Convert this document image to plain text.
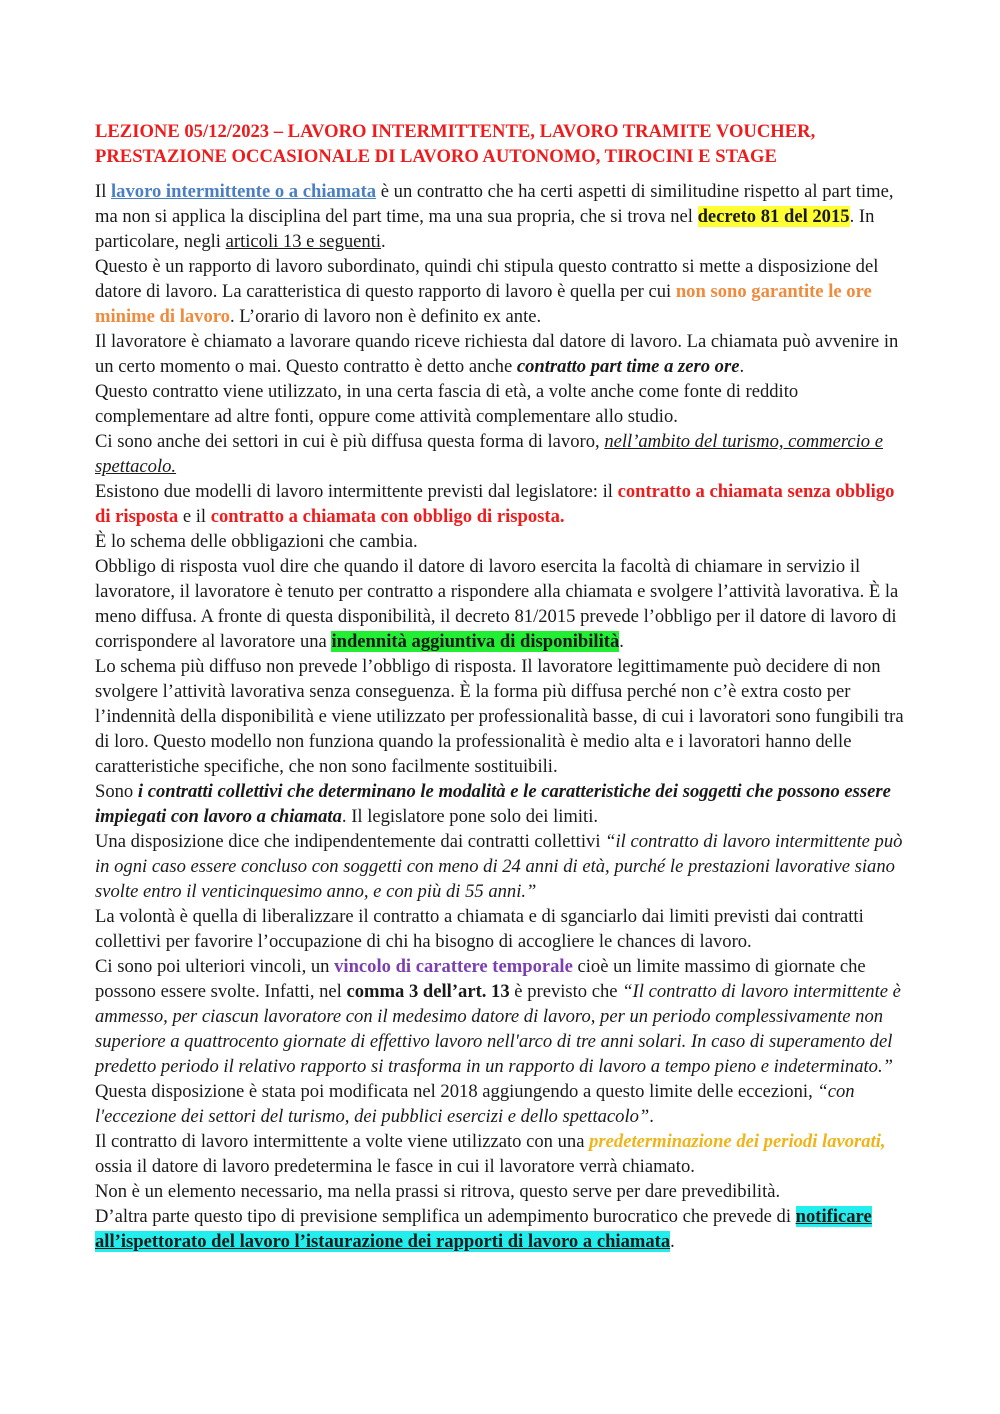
LEZIONE 05/12/2023 – LAVORO INTERMITTENTE, LAVORO TRAMITE VOUCHER, PRESTAZIONE OCCASIONALE DI LAVORO AUTONOMO, TIROCINI E STAGE

Il lavoro intermittente o a chiamata è un contratto che ha certi aspetti di similitudine rispetto al part time, ma non si applica la disciplina del part time, ma una sua propria, che si trova nel decreto 81 del 2015. In particolare, negli articoli 13 e seguenti.

Questo è un rapporto di lavoro subordinato, quindi chi stipula questo contratto si mette a disposizione del datore di lavoro. La caratteristica di questo rapporto di lavoro è quella per cui non sono garantite le ore minime di lavoro. L’orario di lavoro non è definito ex ante.

Il lavoratore è chiamato a lavorare quando riceve richiesta dal datore di lavoro. La chiamata può avvenire in un certo momento o mai. Questo contratto è detto anche contratto part time a zero ore.

Questo contratto viene utilizzato, in una certa fascia di età, a volte anche come fonte di reddito complementare ad altre fonti, oppure come attività complementare allo studio.

Ci sono anche dei settori in cui è più diffusa questa forma di lavoro, nell’ambito del turismo, commercio e spettacolo.

Esistono due modelli di lavoro intermittente previsti dal legislatore: il contratto a chiamata senza obbligo di risposta e il contratto a chiamata con obbligo di risposta.

È lo schema delle obbligazioni che cambia.

Obbligo di risposta vuol dire che quando il datore di lavoro esercita la facoltà di chiamare in servizio il lavoratore, il lavoratore è tenuto per contratto a rispondere alla chiamata e svolgere l’attività lavorativa. È la meno diffusa. A fronte di questa disponibilità, il decreto 81/2015 prevede l’obbligo per il datore di lavoro di corrispondere al lavoratore una indennità aggiuntiva di disponibilità.

Lo schema più diffuso non prevede l’obbligo di risposta. Il lavoratore legittimamente può decidere di non svolgere l’attività lavorativa senza conseguenza. È la forma più diffusa perché non c’è extra costo per l’indennità della disponibilità e viene utilizzato per professionalità basse, di cui i lavoratori sono fungibili tra di loro. Questo modello non funziona quando la professionalità è medio alta e i lavoratori hanno delle caratteristiche specifiche, che non sono facilmente sostituibili.

Sono i contratti collettivi che determinano le modalità e le caratteristiche dei soggetti che possono essere impiegati con lavoro a chiamata. Il legislatore pone solo dei limiti.

Una disposizione dice che indipendentemente dai contratti collettivi “il contratto di lavoro intermittente può in ogni caso essere concluso con soggetti con meno di 24 anni di età, purché le prestazioni lavorative siano svolte entro il venticinquesimo anno, e con più di 55 anni.”

La volontà è quella di liberalizzare il contratto a chiamata e di sganciarlo dai limiti previsti dai contratti collettivi per favorire l’occupazione di chi ha bisogno di accogliere le chances di lavoro.

Ci sono poi ulteriori vincoli, un vincolo di carattere temporale cioè un limite massimo di giornate che possono essere svolte. Infatti, nel comma 3 dell’art. 13 è previsto che “Il contratto di lavoro intermittente è ammesso, per ciascun lavoratore con il medesimo datore di lavoro, per un periodo complessivamente non superiore a quattrocento giornate di effettivo lavoro nell'arco di tre anni solari. In caso di superamento del predetto periodo il relativo rapporto si trasforma in un rapporto di lavoro a tempo pieno e indeterminato.”

Questa disposizione è stata poi modificata nel 2018 aggiungendo a questo limite delle eccezioni, “con l'eccezione dei settori del turismo, dei pubblici esercizi e dello spettacolo”.

Il contratto di lavoro intermittente a volte viene utilizzato con una predeterminazione dei periodi lavorati, ossia il datore di lavoro predetermina le fasce in cui il lavoratore verrà chiamato.

Non è un elemento necessario, ma nella prassi si ritrova, questo serve per dare prevedibilità.

D’altra parte questo tipo di previsione semplifica un adempimento burocratico che prevede di notificare all’ispettorato del lavoro l’istaurazione dei rapporti di lavoro a chiamata.
